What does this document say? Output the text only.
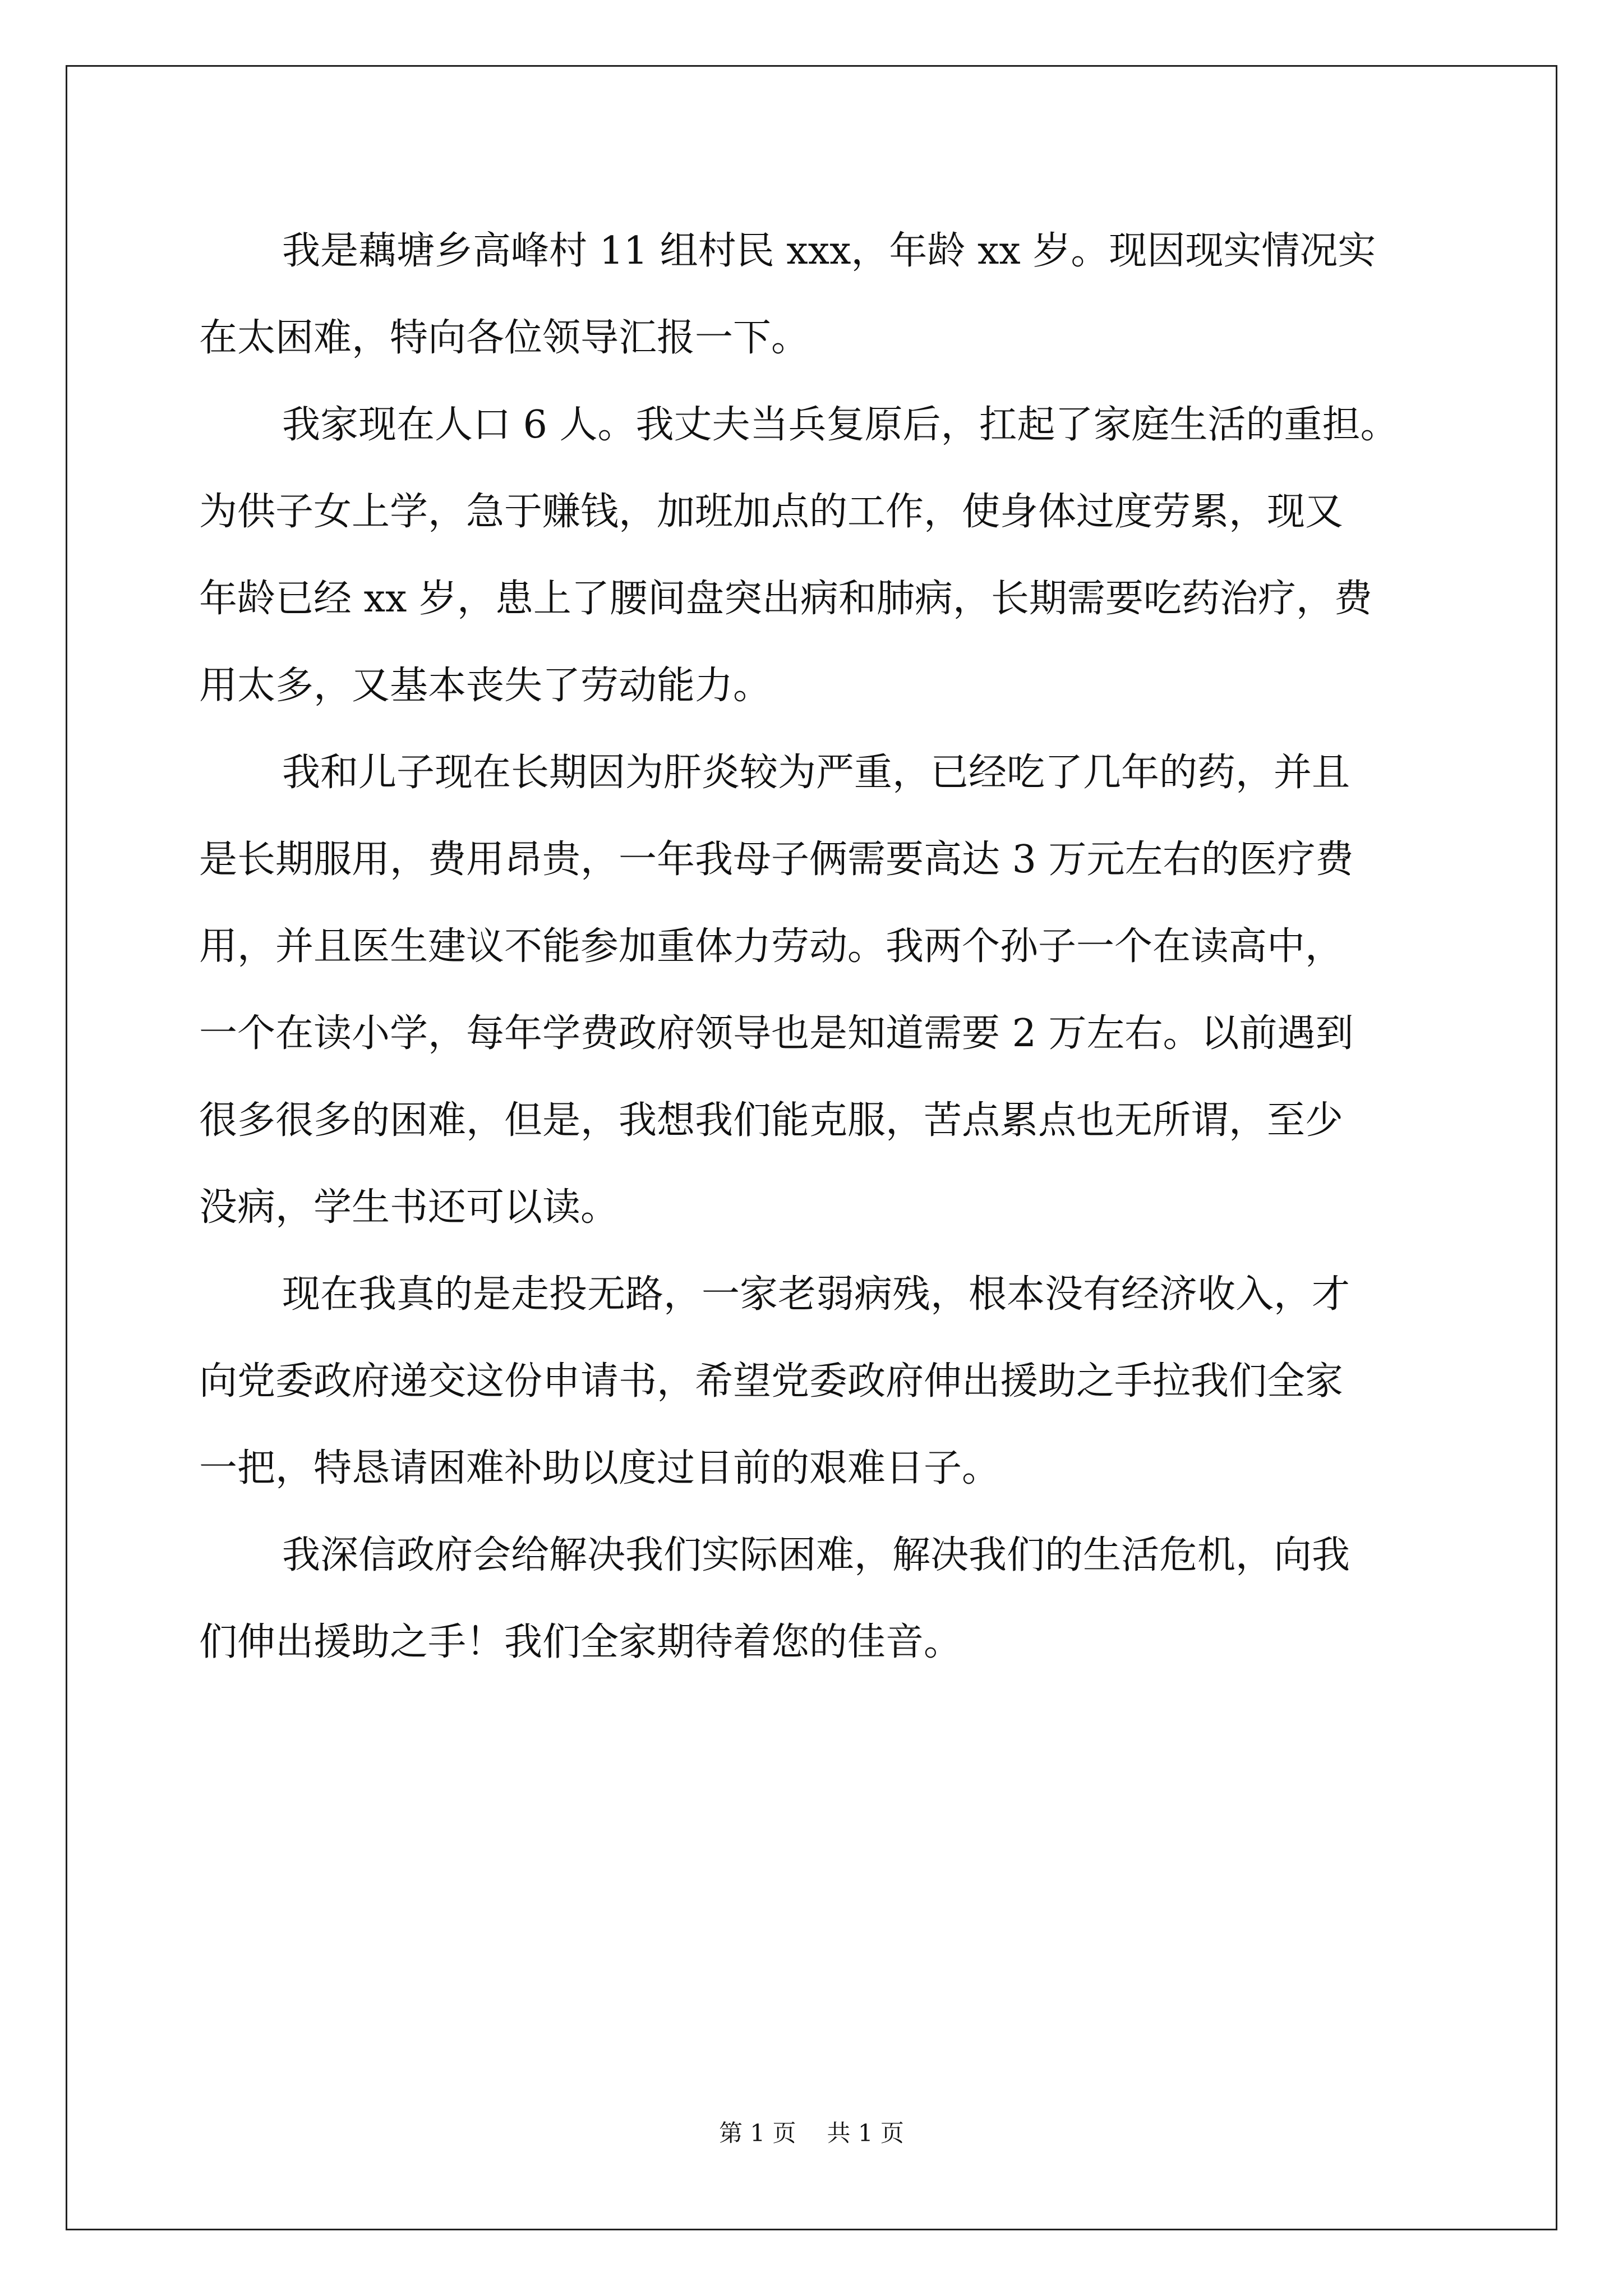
我是藕塘乡高峰村 11 组村民 xxx，年龄 xx 岁。现因现实情况实
在太困难，特向各位领导汇报一下。
我家现在人口 6 人。我丈夫当兵复原后，扛起了家庭生活的重担。
为供子女上学，急于赚钱，加班加点的工作，使身体过度劳累，现又
年龄已经 xx 岁，患上了腰间盘突出病和肺病，长期需要吃药治疗，费
用太多，又基本丧失了劳动能力。
我和儿子现在长期因为肝炎较为严重，已经吃了几年的药，并且
是长期服用，费用昂贵，一年我母子俩需要高达 3 万元左右的医疗费
用，并且医生建议不能参加重体力劳动。我两个孙子一个在读高中，
一个在读小学，每年学费政府领导也是知道需要 2 万左右。以前遇到
很多很多的困难，但是，我想我们能克服，苦点累点也无所谓，至少
没病，学生书还可以读。
现在我真的是走投无路，一家老弱病残，根本没有经济收入，才
向党委政府递交这份申请书，希望党委政府伸出援助之手拉我们全家
一把，特恳请困难补助以度过目前的艰难日子。
我深信政府会给解决我们实际困难，解决我们的生活危机，向我
们伸出援助之手！我们全家期待着您的佳音。
第 1 页 共 1 页
